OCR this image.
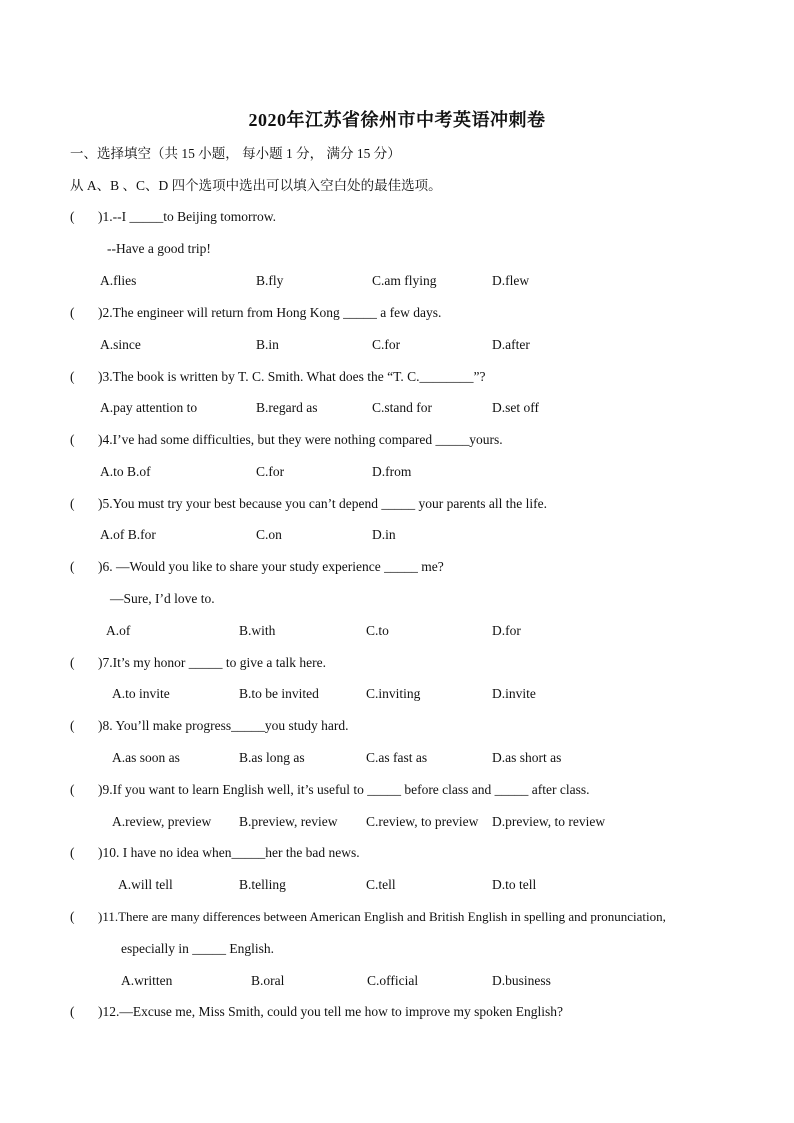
2020年江苏省徐州市中考英语冲刺卷
一、选择填空（共 15 小题， 每小题 1 分， 满分 15 分）
从 A、B 、C、D 四个选项中选出可以填入空白处的最佳选项。
( )1.--I _____to Beijing tomorrow.
--Have a good trip!
A.flies	B.fly	C.am flying	D.flew
( )2.The engineer will return from Hong Kong _____ a few days.
A.since	B.in	C.for	D.after
( )3.The book is written by T. C. Smith. What does the “T. C.________”?
A.pay attention to	B.regard as	C.stand for	D.set off
( )4.I’ve had some difficulties, but they were nothing compared _____yours.
A.to B.of	C.for	D.from
( )5.You must try your best because you can’t depend _____ your parents all the life.
A.of B.for	C.on	D.in
( )6. —Would you like to share your study experience _____ me?
—Sure, I’d love to.
A.of	B.with	C.to	D.for
( )7.It’s my honor _____ to give a talk here.
A.to invite	B.to be invited	C.inviting	D.invite
( )8. You’ll make progress_____you study hard.
A.as soon as	B.as long as	C.as fast as	D.as short as
( )9.If you want to learn English well, it’s useful to _____ before class and _____ after class.
A.review, preview B.preview, review C.review, to preview D.preview, to review
( )10. I have no idea when_____her the bad news.
A.will tell	B.telling	C.tell	D.to tell
( )11.There are many differences between American English and British English in spelling and pronunciation,
especially in _____ English.
A.written	B.oral	C.official	D.business
( )12.—Excuse me, Miss Smith, could you tell me how to improve my spoken English?
